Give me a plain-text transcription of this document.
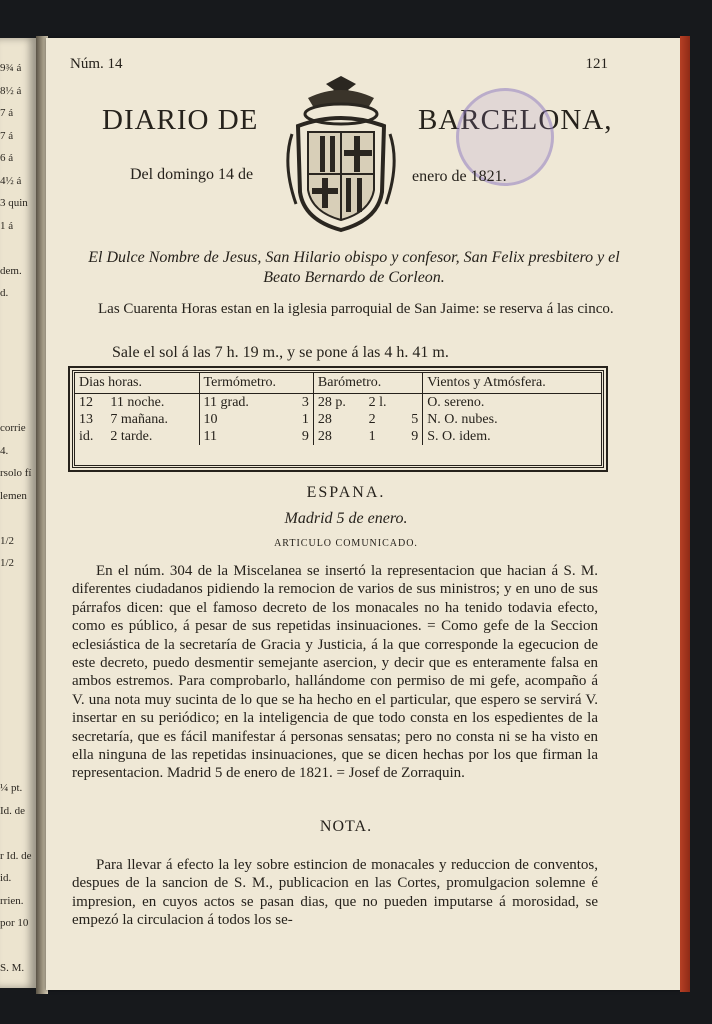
9¾ á
8½ á
7 á
7 á
6 á
4½ á
3 quin
1 á
dem.
d.
corrie
4.
rsolo fí
lemen
1/2
1/2
¼ pt.
Id. de
r Id. de
id.
rrien.
por 10
S. M.
Núm. 14	121
DIARIO DE	BARCELONA,
Del domingo 14 de	enero de 1821.
El Dulce Nombre de Jesus, San Hilario obispo y confesor, San Felix presbitero y el Beato Bernardo de Corleon.
Las Cuarenta Horas estan en la iglesia parroquial de San Jaime: se reserva á las cinco.
Sale el sol á las 7 h. 19 m., y se pone á las 4 h. 41 m.
Dias horas.		Termómetro.		Barómetro.			Vientos y Atmósfera.
12	11 noche.	11 grad.	3	28 p.	2 l.		O. sereno.
13	7 mañana.	10	1	28	2	5	N. O. nubes.
id.	2 tarde.	11	9	28	1	9	S. O. idem.
ESPANA.
Madrid 5 de enero.
ARTICULO COMUNICADO.
En el núm. 304 de la Miscelanea se insertó la representacion que hacian á S. M. diferentes ciudadanos pidiendo la remocion de varios de sus ministros; y en uno de sus párrafos dicen: que el famoso decreto de los monacales no ha tenido todavia efecto, como es público, á pesar de sus repetidas insinuaciones. = Como gefe de la Seccion eclesiástica de la secretaría de Gracia y Justicia, á la que corresponde la egecucion de este decreto, puedo desmentir semejante asercion, y decir que es enteramente falsa en ambos estremos. Para comprobarlo, hallándome con permiso de mi gefe, acompaño á V. una nota muy sucinta de lo que se ha hecho en el particular, que espero se servirá V. insertar en su periódico; en la inteligencia de que todo consta en los espedientes de la secretaría, que es fácil manifestar á personas sensatas; pero no consta ni se ha visto en ella ninguna de las repetidas insinuaciones, que se dicen hechas por los que firman la representacion. Madrid 5 de enero de 1821. = Josef de Zorraquin.
NOTA.
Para llevar á efecto la ley sobre estincion de monacales y reduccion de conventos, despues de la sancion de S. M., publicacion en las Cortes, promulgacion solemne é impresion, en cuyos actos se pasan dias, que no pueden imputarse á morosidad, se empezó la circulacion á todos los se-
